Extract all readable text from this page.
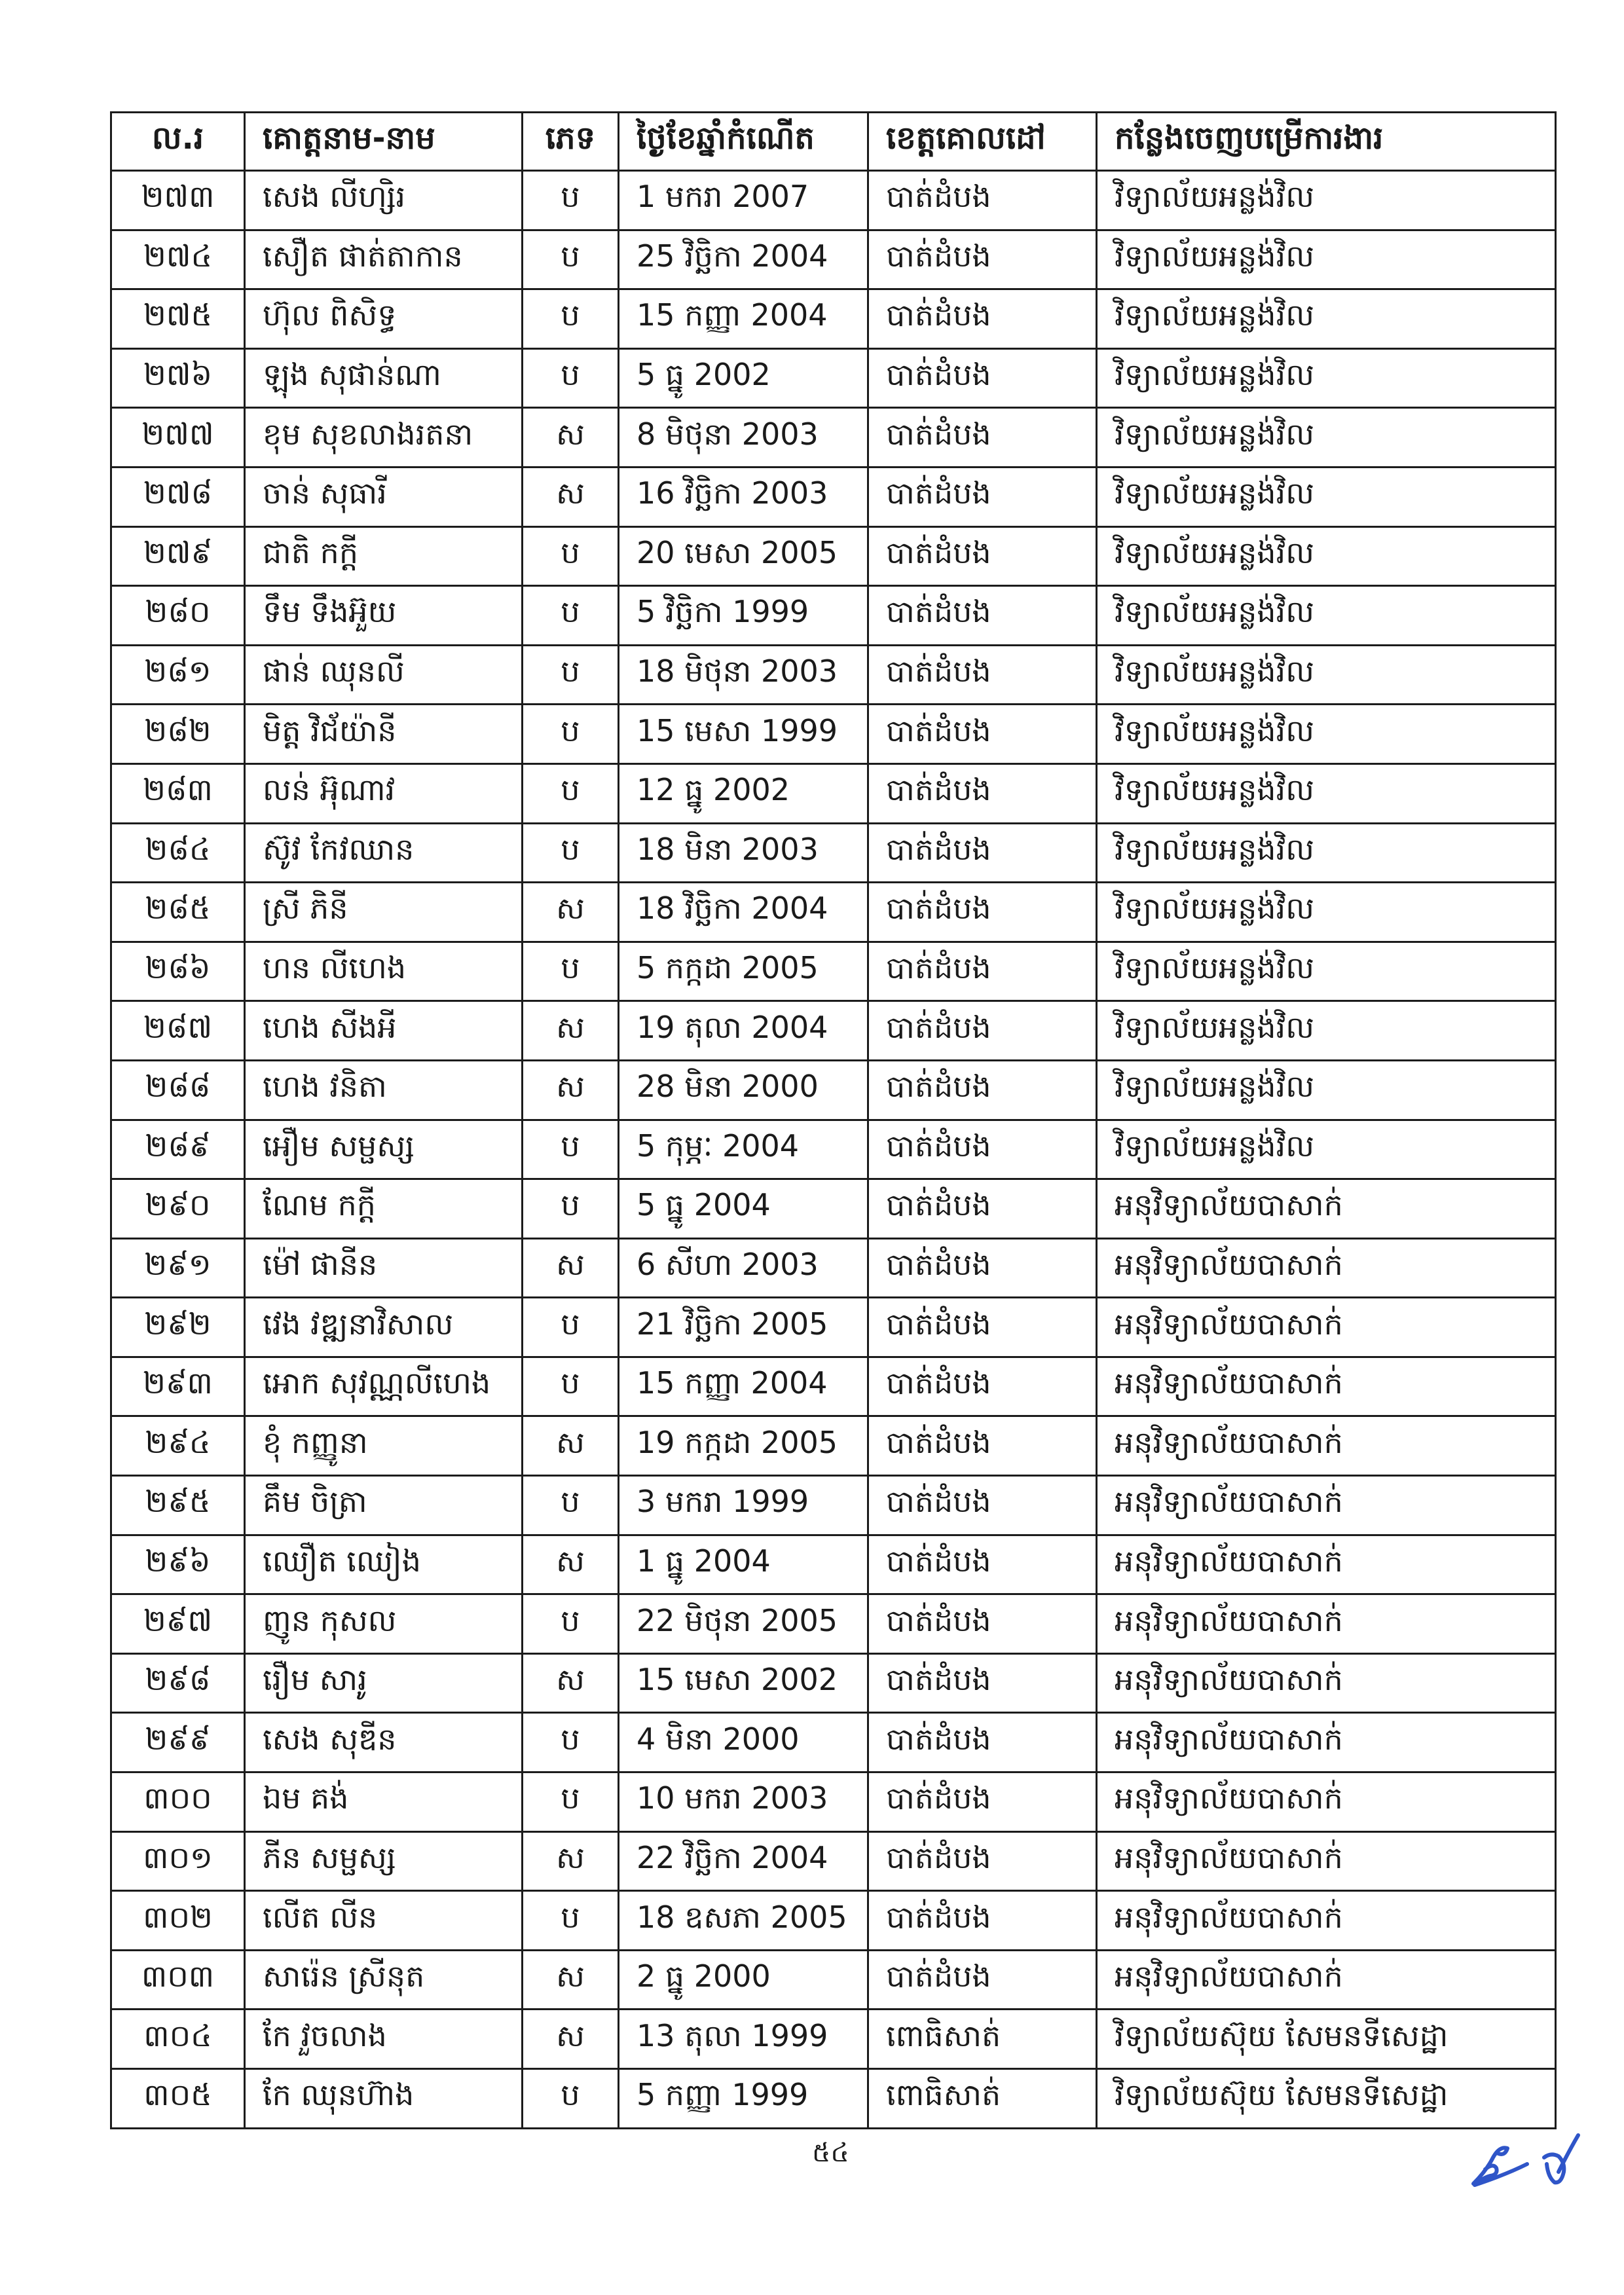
ល.រ	គោត្តនាម-នាម	ភេទ	ថ្ងៃខែឆ្នាំកំណើត	ខេត្តគោលដៅ	កន្លែងចេញបម្រើការងារ
២៧៣	សេង លីហ្សិរ	ប	1 មករា 2007	បាត់ដំបង	វិទ្យាល័យអន្លង់វិល
២៧៤	សឿត ផាត់តាកាន	ប	25 វិច្ឆិកា 2004	បាត់ដំបង	វិទ្យាល័យអន្លង់វិល
២៧៥	ហ៊ុល ពិសិទ្ធ	ប	15 កញ្ញា 2004	បាត់ដំបង	វិទ្យាល័យអន្លង់វិល
២៧៦	ឡុង សុផាន់ណា	ប	5 ធ្នូ 2002	បាត់ដំបង	វិទ្យាល័យអន្លង់វិល
២៧៧	ខុម សុខលាងរតនា	ស	8 មិថុនា 2003	បាត់ដំបង	វិទ្យាល័យអន្លង់វិល
២៧៨	ចាន់ សុធារី	ស	16 វិច្ឆិកា 2003	បាត់ដំបង	វិទ្យាល័យអន្លង់វិល
២៧៩	ជាតិ កក្ដី	ប	20 មេសា 2005	បាត់ដំបង	វិទ្យាល័យអន្លង់វិល
២៨០	ទឹម ទឹងអ៊ួយ	ប	5 វិច្ឆិកា 1999	បាត់ដំបង	វិទ្យាល័យអន្លង់វិល
២៨១	ផាន់ ឈុនលី	ប	18 មិថុនា 2003	បាត់ដំបង	វិទ្យាល័យអន្លង់វិល
២៨២	មិត្ត វិជ័យ៉ានី	ប	15 មេសា 1999	បាត់ដំបង	វិទ្យាល័យអន្លង់វិល
២៨៣	លន់ អ៊ុណាវ	ប	12 ធ្នូ 2002	បាត់ដំបង	វិទ្យាល័យអន្លង់វិល
២៨៤	ស៊ូវ កែវឈាន	ប	18 មិនា 2003	បាត់ដំបង	វិទ្យាល័យអន្លង់វិល
២៨៥	ស្រី ភិនី	ស	18 វិច្ឆិកា 2004	បាត់ដំបង	វិទ្យាល័យអន្លង់វិល
២៨៦	ហន លីហេង	ប	5 កក្កដា 2005	បាត់ដំបង	វិទ្យាល័យអន្លង់វិល
២៨៧	ហេង សីងអី	ស	19 តុលា 2004	បាត់ដំបង	វិទ្យាល័យអន្លង់វិល
២៨៨	ហេង វនិតា	ស	28 មិនា 2000	បាត់ដំបង	វិទ្យាល័យអន្លង់វិល
២៨៩	អឿម សម្ផស្ស	ប	5 កុម្ភៈ 2004	បាត់ដំបង	វិទ្យាល័យអន្លង់វិល
២៩០	ណែម កក្ដី	ប	5 ធ្នូ 2004	បាត់ដំបង	អនុវិទ្យាល័យបាសាក់
២៩១	ម៉ៅ ផានីន	ស	6 សីហា 2003	បាត់ដំបង	អនុវិទ្យាល័យបាសាក់
២៩២	វេង វឌ្ឍនាវិសាល	ប	21 វិច្ឆិកា 2005	បាត់ដំបង	អនុវិទ្យាល័យបាសាក់
២៩៣	អោក សុវណ្ណលីហេង	ប	15 កញ្ញា 2004	បាត់ដំបង	អនុវិទ្យាល័យបាសាក់
២៩៤	ខុំ កញ្ញូនា	ស	19 កក្កដា 2005	បាត់ដំបង	អនុវិទ្យាល័យបាសាក់
២៩៥	គឹម ចិត្រា	ប	3 មករា 1999	បាត់ដំបង	អនុវិទ្យាល័យបាសាក់
២៩៦	ឈឿត ឈៀង	ស	1 ធ្នូ 2004	បាត់ដំបង	អនុវិទ្យាល័យបាសាក់
២៩៧	ញូន កុសល	ប	22 មិថុនា 2005	បាត់ដំបង	អនុវិទ្យាល័យបាសាក់
២៩៨	រឿម សារូ	ស	15 មេសា 2002	បាត់ដំបង	អនុវិទ្យាល័យបាសាក់
២៩៩	សេង សុឌីន	ប	4 មិនា 2000	បាត់ដំបង	អនុវិទ្យាល័យបាសាក់
៣០០	ឯម គង់	ប	10 មករា 2003	បាត់ដំបង	អនុវិទ្យាល័យបាសាក់
៣០១	ភីន សម្ផស្ស	ស	22 វិច្ឆិកា 2004	បាត់ដំបង	អនុវិទ្យាល័យបាសាក់
៣០២	លើត លីន	ប	18 ឧសភា 2005	បាត់ដំបង	អនុវិទ្យាល័យបាសាក់
៣០៣	សារ៉េន ស្រីនុត	ស	2 ធ្នូ 2000	បាត់ដំបង	អនុវិទ្យាល័យបាសាក់
៣០៤	កែ វួចលាង	ស	13 តុលា 1999	ពោធិសាត់	វិទ្យាល័យស៊ុយ សែមនទីសេដ្ឋា
៣០៥	កែ ឈុនហ៊ាង	ប	5 កញ្ញា 1999	ពោធិសាត់	វិទ្យាល័យស៊ុយ សែមនទីសេដ្ឋា
៥៤
